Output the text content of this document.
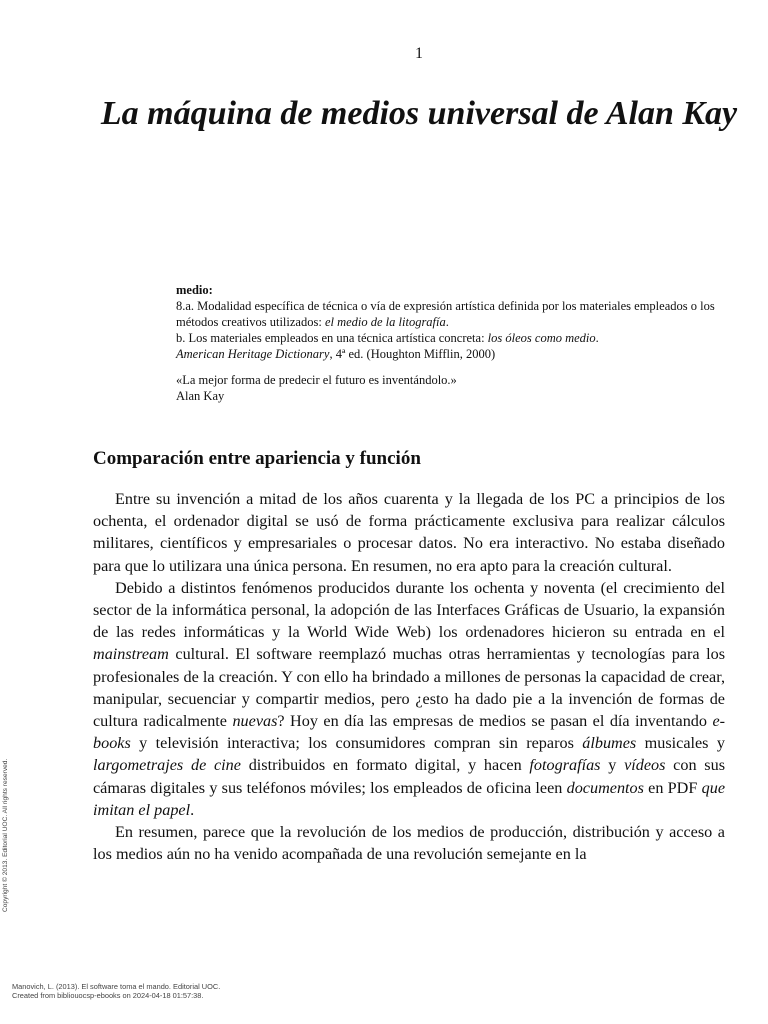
1
La máquina de medios universal de Alan Kay
medio:
8.a. Modalidad específica de técnica o vía de expresión artística definida por los materiales empleados o los métodos creativos utilizados: el medio de la litografía.
b. Los materiales empleados en una técnica artística concreta: los óleos como medio.
American Heritage Dictionary, 4ª ed. (Houghton Mifflin, 2000)
«La mejor forma de predecir el futuro es inventándolo.»
Alan Kay
Comparación entre apariencia y función

Entre su invención a mitad de los años cuarenta y la llegada de los PC a principios de los ochenta, el ordenador digital se usó de forma prácticamente exclusiva para realizar cálculos militares, científicos y empresariales o procesar datos. No era interactivo. No estaba diseñado para que lo utilizara una única persona. En resumen, no era apto para la creación cultural.

Debido a distintos fenómenos producidos durante los ochenta y noventa (el crecimiento del sector de la informática personal, la adopción de las Interfaces Gráficas de Usuario, la expansión de las redes informáticas y la World Wide Web) los ordenadores hicieron su entrada en el mainstream cultural. El software reemplazó muchas otras herramientas y tecnologías para los profesionales de la creación. Y con ello ha brindado a millones de personas la capacidad de crear, manipular, secuenciar y compartir medios, pero ¿esto ha dado pie a la invención de formas de cultura radicalmente nuevas? Hoy en día las empresas de medios se pasan el día inventando e-books y televisión interactiva; los consumidores compran sin reparos álbumes musicales y largometrajes de cine distribuidos en formato digital, y hacen fotografías y vídeos con sus cámaras digitales y sus teléfonos móviles; los empleados de oficina leen documentos en PDF que imitan el papel.

En resumen, parece que la revolución de los medios de producción, distribución y acceso a los medios aún no ha venido acompañada de una revolución semejante en la

Copyright © 2013. Editorial UOC. All rights reserved.
Manovich, L. (2013). El software toma el mando. Editorial UOC.
Created from bibliouocsp-ebooks on 2024-04-18 01:57:38.
